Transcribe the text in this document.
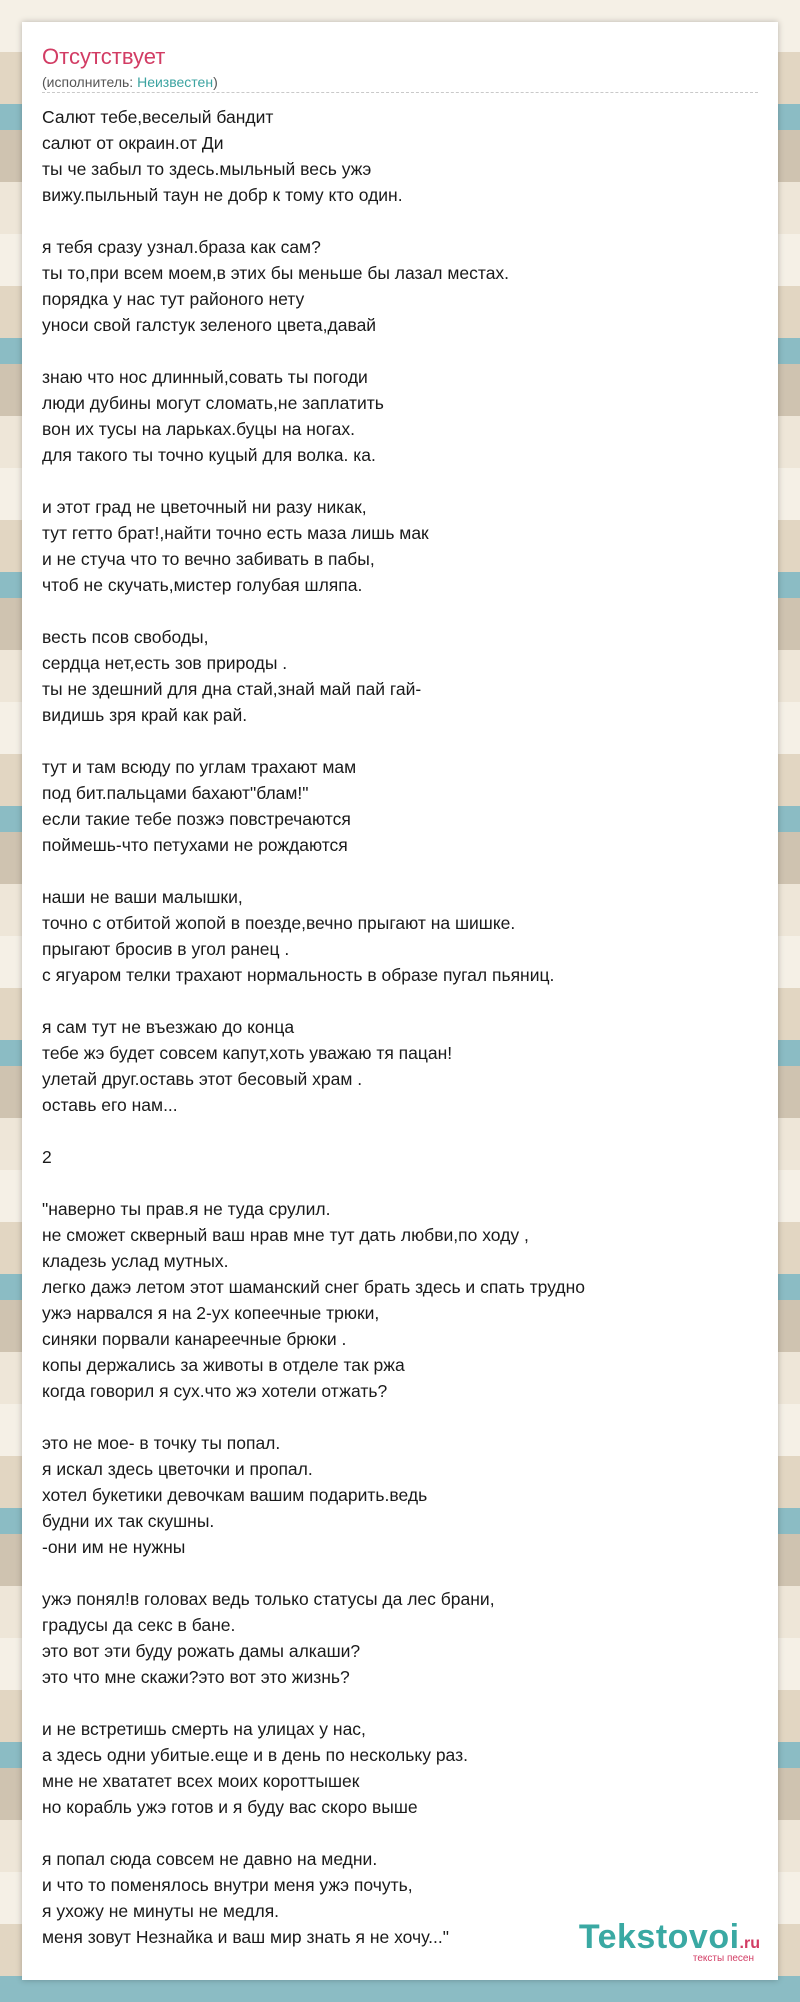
Отсутствует
(исполнитель: Неизвестен)
Салют тебе,веселый бандит
салют от окраин.от Ди
ты че забыл то здесь.мыльный весь ужэ
вижу.пыльный таун не добр к тому кто один.

я тебя сразу узнал.браза как сам?
ты то,при всем моем,в этих бы меньше бы лазал местах.
порядка у нас тут районого нету
уноси свой галстук зеленого цвета,давай

знаю что нос длинный,совать ты погоди
люди дубины могут сломать,не заплатить
вон их тусы на ларьках.буцы на ногах.
для такого ты точно куцый для волка. ка.

и этот град не цветочный ни разу никак,
тут гетто брат!,найти точно есть маза лишь мак
и не стуча что то вечно забивать в пабы,
чтоб не скучать,мистер голубая шляпа.

весть псов свободы,
сердца нет,есть зов природы .
ты не здешний для дна стай,знай май пай гай-
видишь зря край как рай.

тут и там всюду по углам трахают мам
под бит.пальцами бахают"блам!"
если такие тебе позжэ повстречаются
поймешь-что петухами не рождаются

наши не ваши малышки,
точно с отбитой жопой в поезде,вечно прыгают на шишке.
прыгают бросив в угол ранец .
с ягуаром телки трахают нормальность в образе пугал пьяниц.

я сам тут не въезжаю до конца
тебе жэ будет совсем капут,хоть уважаю тя пацан!
улетай друг.оставь этот бесовый храм .
оставь его нам...

2

"наверно ты прав.я не туда срулил.
не сможет скверный ваш нрав мне тут дать любви,по ходу ,
кладезь услад мутных.
легко дажэ летом этот шаманский снег брать здесь и спать трудно
ужэ нарвался я на 2-ух копеечные трюки,
синяки порвали канареечные брюки .
копы держались за животы в отделе так ржа
когда говорил я сух.что жэ хотели отжать?

это не мое- в точку ты попал.
я искал здесь цветочки и пропал.
хотел букетики девочкам вашим подарить.ведь
будни их так скушны.
-они им не нужны

ужэ понял!в головах ведь только статусы да лес брани,
градусы да секс в бане.
это вот эти буду рожать дамы алкаши?
это что мне скажи?это вот это жизнь?

и не встретишь смерть на улицах у нас,
а здесь одни убитые.еще и в день по нескольку раз.
мне не хвататет всех моих короттышек
но корабль ужэ готов и я буду вас скоро выше

я попал сюда совсем не давно на медни.
и что то поменялось внутри меня ужэ почуть,
я ухожу не минуты не медля.
меня зовут Незнайка и ваш мир знать я не хочу..."	Tekstovoi.ru
тексты песен
